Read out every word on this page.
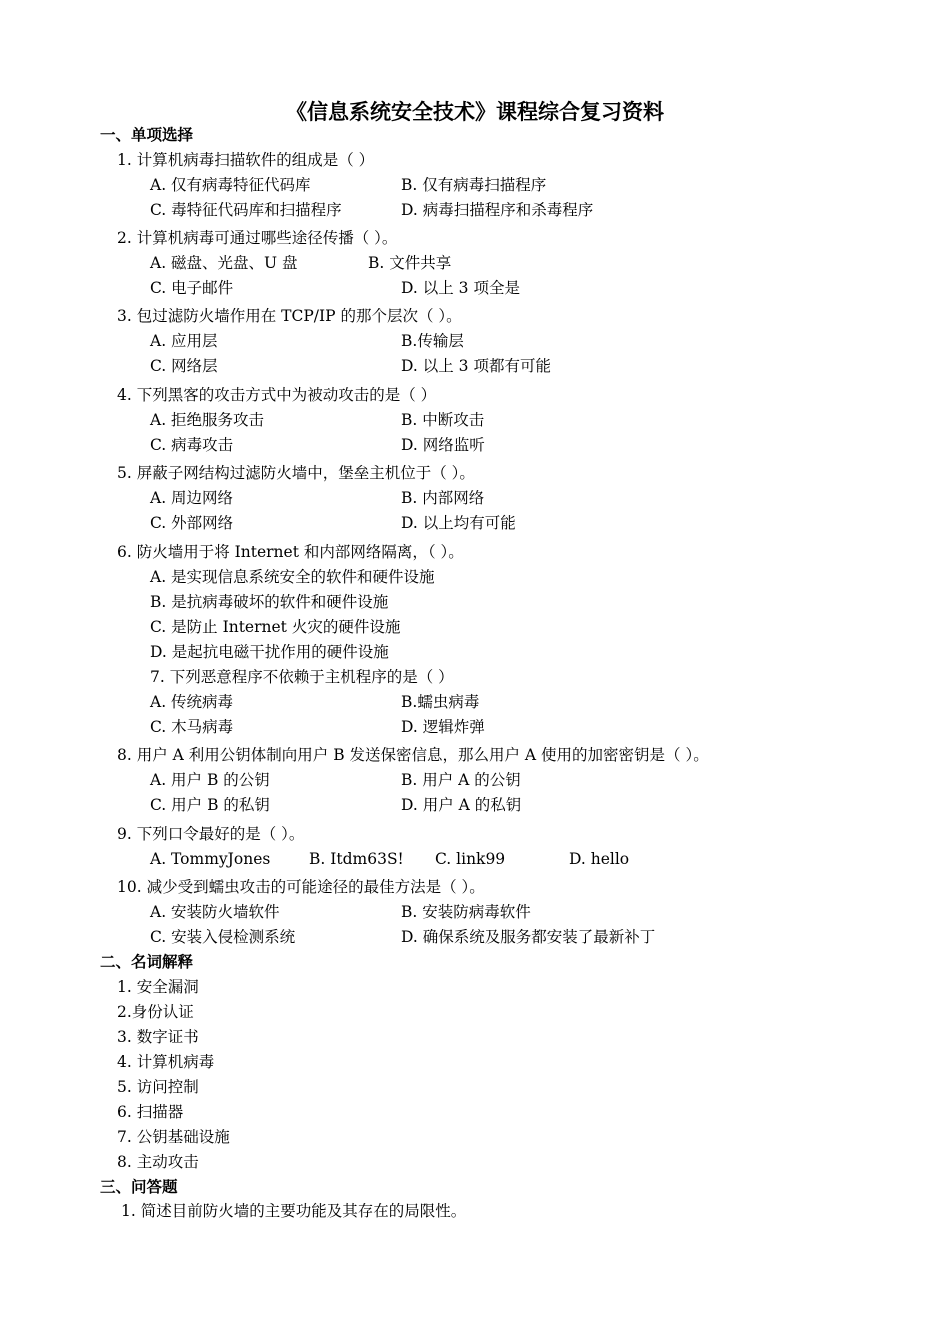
《信息系统安全技术》课程综合复习资料
一、单项选择
1. 计算机病毒扫描软件的组成是（ ）
A. 仅有病毒特征代码库	B. 仅有病毒扫描程序
C. 毒特征代码库和扫描程序	D. 病毒扫描程序和杀毒程序
2. 计算机病毒可通过哪些途径传播（ ）。
A. 磁盘、光盘、U 盘	B. 文件共享
C. 电子邮件	D. 以上 3 项全是
3. 包过滤防火墙作用在 TCP/IP 的那个层次（ ）。
A. 应用层	B.传输层
C. 网络层	D. 以上 3 项都有可能
4. 下列黑客的攻击方式中为被动攻击的是（ ）
A. 拒绝服务攻击	B. 中断攻击
C. 病毒攻击	D. 网络监听
5. 屏蔽子网结构过滤防火墙中，堡垒主机位于（ ）。
A. 周边网络	B. 内部网络
C. 外部网络	D. 以上均有可能
6. 防火墙用于将 Internet 和内部网络隔离，（ ）。
A. 是实现信息系统安全的软件和硬件设施
B. 是抗病毒破坏的软件和硬件设施
C. 是防止 Internet 火灾的硬件设施
D. 是起抗电磁干扰作用的硬件设施
7. 下列恶意程序不依赖于主机程序的是（ ）
A. 传统病毒	B.蠕虫病毒
C. 木马病毒	D. 逻辑炸弹
8. 用户 A 利用公钥体制向用户 B 发送保密信息，那么用户 A 使用的加密密钥是（ ）。
A. 用户 B 的公钥	B. 用户 A 的公钥
C. 用户 B 的私钥	D. 用户 A 的私钥
9. 下列口令最好的是（ ）。
A. TommyJones B. Itdm63S! C. link99	D. hello
10. 减少受到蠕虫攻击的可能途径的最佳方法是（ ）。
A. 安装防火墙软件	B. 安装防病毒软件
C. 安装入侵检测系统	D. 确保系统及服务都安装了最新补丁
二、名词解释
1. 安全漏洞
2.身份认证
3. 数字证书
4. 计算机病毒
5. 访问控制
6. 扫描器
7. 公钥基础设施
8. 主动攻击
三、问答题
1. 简述目前防火墙的主要功能及其存在的局限性。
